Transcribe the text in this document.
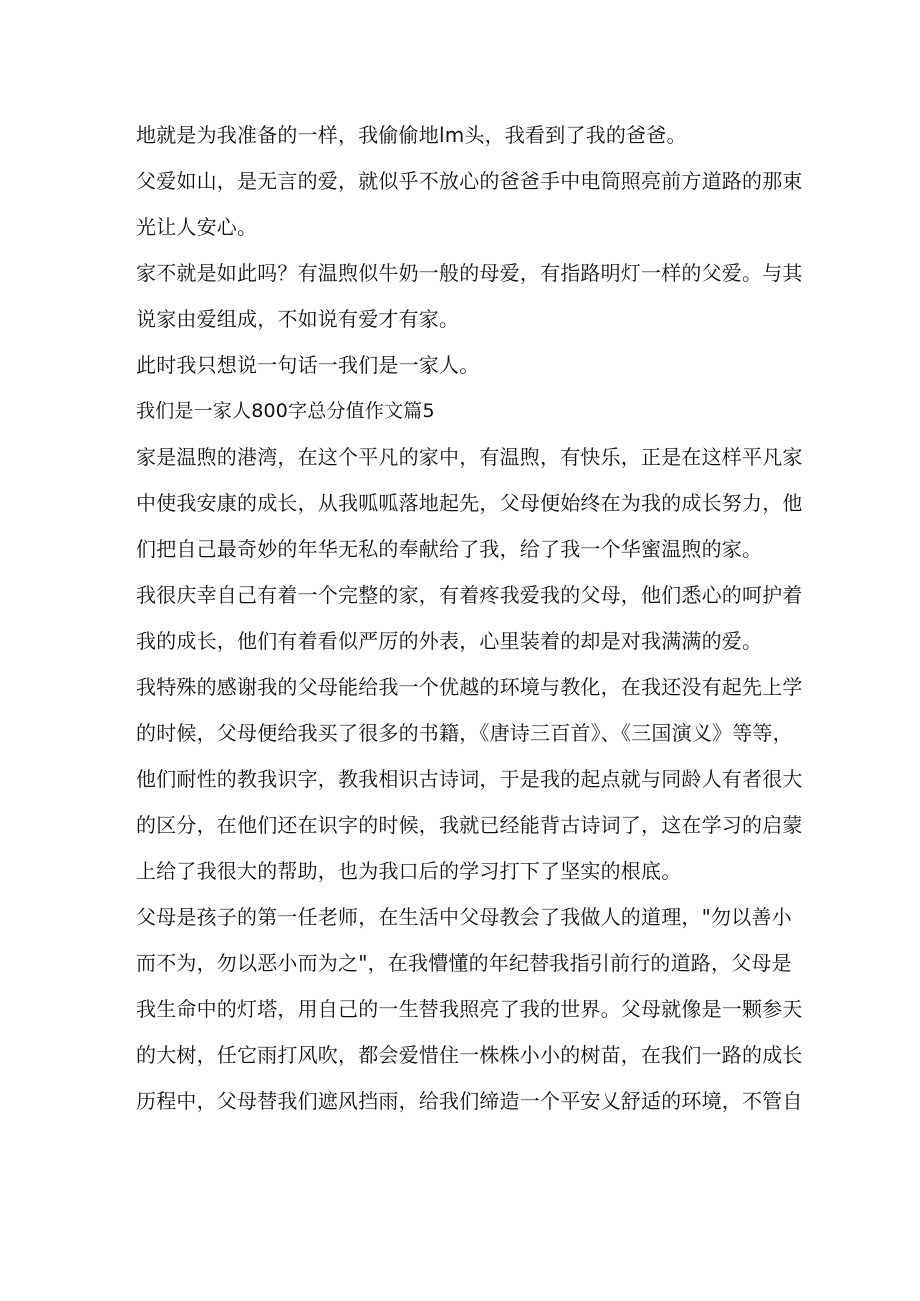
地就是为我准备的一样，我偷偷地lm头，我看到了我的爸爸。

父爱如山，是无言的爱，就似乎不放心的爸爸手中电筒照亮前方道路的那束
光让人安心。

家不就是如此吗？有温煦似牛奶一般的母爱，有指路明灯一样的父爱。与其
说家由爱组成，不如说有爱才有家。

此时我只想说一句话一我们是一家人。

我们是一家人800字总分值作文篇5

家是温煦的港湾，在这个平凡的家中，有温煦，有快乐，正是在这样平凡家
中使我安康的成长，从我呱呱落地起先，父母便始终在为我的成长努力，他
们把自己最奇妙的年华无私的奉献给了我，给了我一个华蜜温煦的家。

我很庆幸自己有着一个完整的家，有着疼我爱我的父母，他们悉心的呵护着
我的成长，他们有着看似严厉的外表，心里装着的却是对我满满的爱。

我特殊的感谢我的父母能给我一个优越的环境与教化，在我还没有起先上学
的时候，父母便给我买了很多的书籍，《唐诗三百首》、《三国演义》等等，
他们耐性的教我识字，教我相识古诗词，于是我的起点就与同龄人有者很大
的区分，在他们还在识字的时候，我就已经能背古诗词了，这在学习的启蒙
上给了我很大的帮助，也为我口后的学习打下了坚实的根底。

父母是孩子的第一任老师，在生活中父母教会了我做人的道理，"勿以善小
而不为，勿以恶小而为之"，在我懵懂的年纪替我指引前行的道路，父母是
我生命中的灯塔，用自己的一生替我照亮了我的世界。父母就像是一颗参天
的大树，任它雨打风吹，都会爱惜住一株株小小的树苗，在我们一路的成长
历程中，父母替我们遮风挡雨，给我们缔造一个平安乂舒适的环境，不管自
